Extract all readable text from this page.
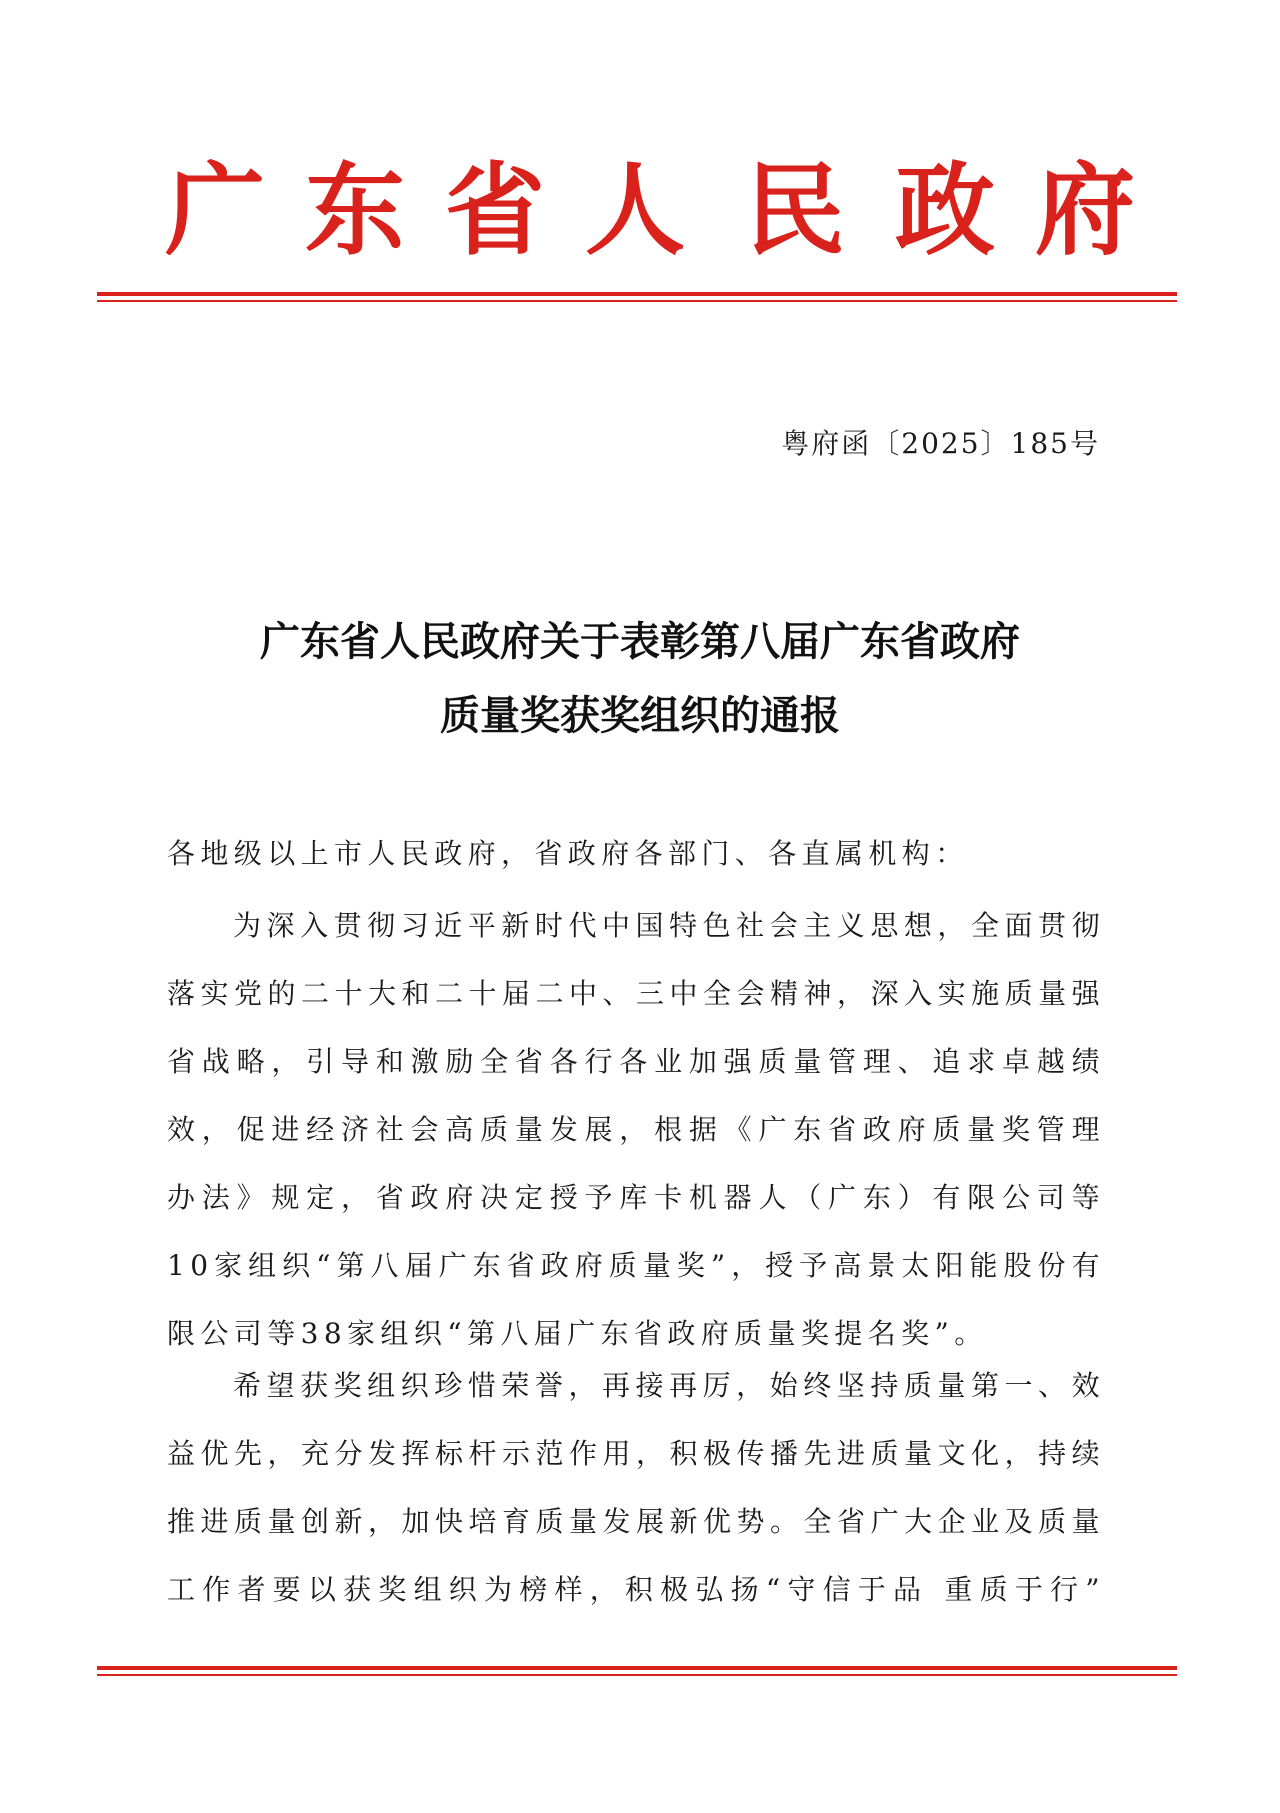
广 东 省 人 民 政 府
粤府函〔2025〕185号
广东省人民政府关于表彰第八届广东省政府
质量奖获奖组织的通报
各地级以上市人民政府，省政府各部门、各直属机构：

为深入贯彻习近平新时代中国特色社会主义思想，全面贯彻

落实党的二十大和二十届二中、三中全会精神，深入实施质量强

省战略，引导和激励全省各行各业加强质量管理、追求卓越绩

效，促进经济社会高质量发展，根据《广东省政府质量奖管理

办法》规定，省政府决定授予库卡机器人（广东）有限公司等

10家组织“第八届广东省政府质量奖”，授予高景太阳能股份有

限公司等38家组织“第八届广东省政府质量奖提名奖”。

希望获奖组织珍惜荣誉，再接再厉，始终坚持质量第一、效

益优先，充分发挥标杆示范作用，积极传播先进质量文化，持续

推进质量创新，加快培育质量发展新优势。全省广大企业及质量

工作者要以获奖组织为榜样，积极弘扬“守信于品 重质于行”
